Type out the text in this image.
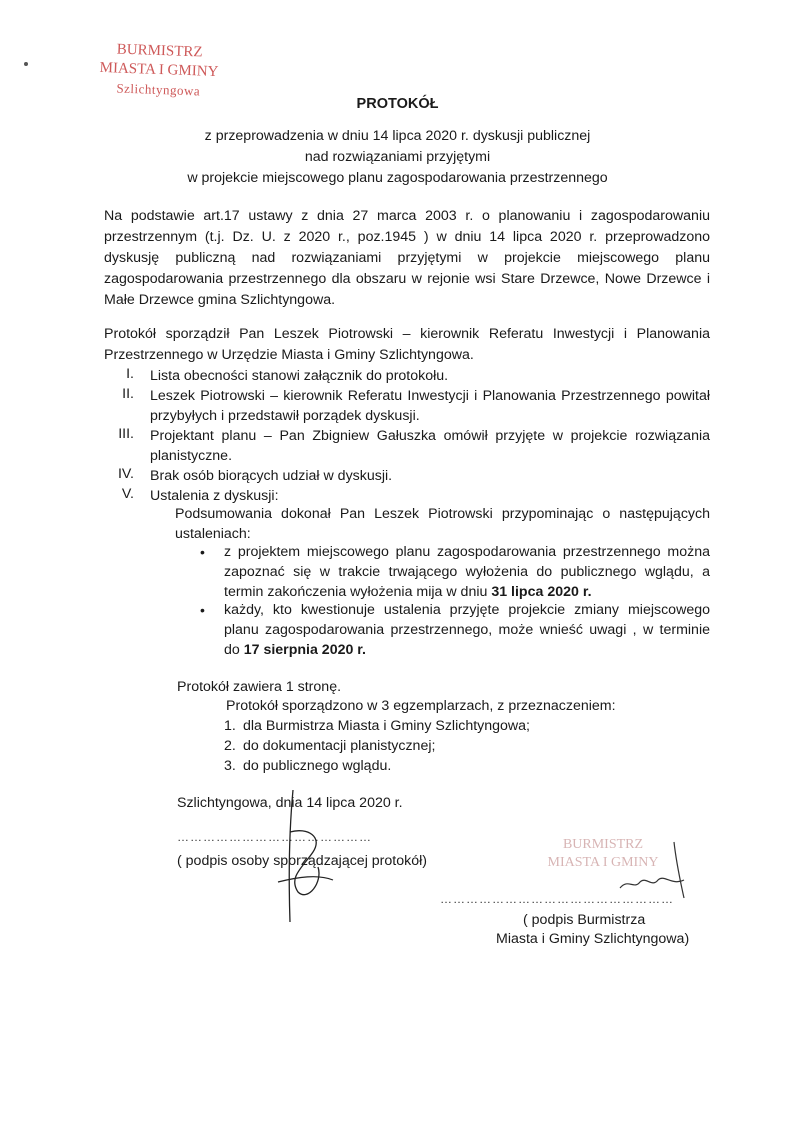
BURMISTRZ
MIASTA I GMINY
Szlichtyngowa
PROTOKÓŁ
z przeprowadzenia w dniu 14 lipca 2020 r. dyskusji publicznej
nad rozwiązaniami przyjętymi
w projekcie miejscowego planu zagospodarowania przestrzennego
Na podstawie art.17 ustawy z dnia 27 marca 2003 r. o planowaniu i zagospodarowaniu przestrzennym (t.j. Dz. U. z 2020 r., poz.1945 ) w dniu 14 lipca 2020 r. przeprowadzono dyskusję publiczną nad rozwiązaniami przyjętymi w projekcie miejscowego planu zagospodarowania przestrzennego dla obszaru w rejonie wsi Stare Drzewce, Nowe Drzewce i Małe Drzewce gmina Szlichtyngowa.
Protokół sporządził Pan Leszek Piotrowski – kierownik Referatu Inwestycji i Planowania Przestrzennego w Urzędzie Miasta i Gminy Szlichtyngowa.
I. Lista obecności stanowi załącznik do protokołu.
II. Leszek Piotrowski – kierownik Referatu Inwestycji i Planowania Przestrzennego powitał przybyłych i przedstawił porządek dyskusji.
III. Projektant planu – Pan Zbigniew Gałuszka omówił przyjęte w projekcie rozwiązania planistyczne.
IV. Brak osób biorących udział w dyskusji.
V. Ustalenia z dyskusji:
Podsumowania dokonał Pan Leszek Piotrowski przypominając o następujących ustaleniach:
• z projektem miejscowego planu zagospodarowania przestrzennego można zapoznać się w trakcie trwającego wyłożenia do publicznego wglądu, a termin zakończenia wyłożenia mija w dniu 31 lipca 2020 r.
• każdy, kto kwestionuje ustalenia przyjęte projekcie zmiany miejscowego planu zagospodarowania przestrzennego, może wnieść uwagi , w terminie do 17 sierpnia 2020 r.
Protokół zawiera 1 stronę.
Protokół sporządzono w 3 egzemplarzach, z przeznaczeniem:
1. dla Burmistrza Miasta i Gminy Szlichtyngowa;
2. do dokumentacji planistycznej;
3. do publicznego wglądu.
Szlichtyngowa, dnia 14 lipca 2020 r.
………………………………………
( podpis osoby sporządzającej protokół)
BURMISTRZ
MIASTA I GMINY
………………………………………………
( podpis Burmistrza
Miasta i Gminy Szlichtyngowa)
